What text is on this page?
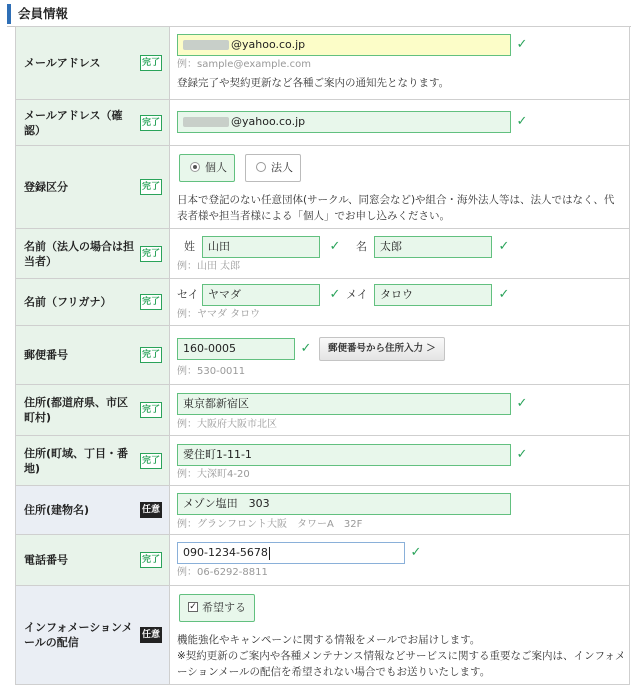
会員情報
メールアドレス	完了
@yahoo.co.jp	✓
例：sample@example.com
登録完了や契約更新など各種ご案内の通知先となります。
メールアドレス（確認）
完了	@yahoo.co.jp	✓
登録区分	完了
個人	法人
日本で登記のない任意団体(サークル、同窓会など)や組合・海外法人等は、法人ではなく、代表者様や担当者様による「個人」でお申し込みください。
名前（法人の場合は担当者）
完了
姓	山田	✓ 名	太郎	✓
例：山田 太郎
名前（フリガナ）	完了
セイ ヤマダ	✓ メイ	タロウ	✓
例：ヤマダ タロウ
郵便番号	完了	160-0005	✓	郵便番号から住所入力 ＞
例：530-0011
住所(都道府県、市区町村)
完了	東京都新宿区	✓
例：大阪府大阪市北区
住所(町域、丁目・番地)
完了	愛住町1-11-1	✓
例：大深町4-20
住所(建物名)	任意	メゾン塩田　303
例：グランフロント大阪　タワーA　32F
電話番号	完了
090-1234-5678	✓
例：06-6292-8811
インフォメーションメールの配信
任意
✓ 希望する
機能強化やキャンペーンに関する情報をメールでお届けします。
※契約更新のご案内や各種メンテナンス情報などサービスに関する重要なご案内は、インフォメーションメールの配信を希望されない場合でもお送りいたします。
